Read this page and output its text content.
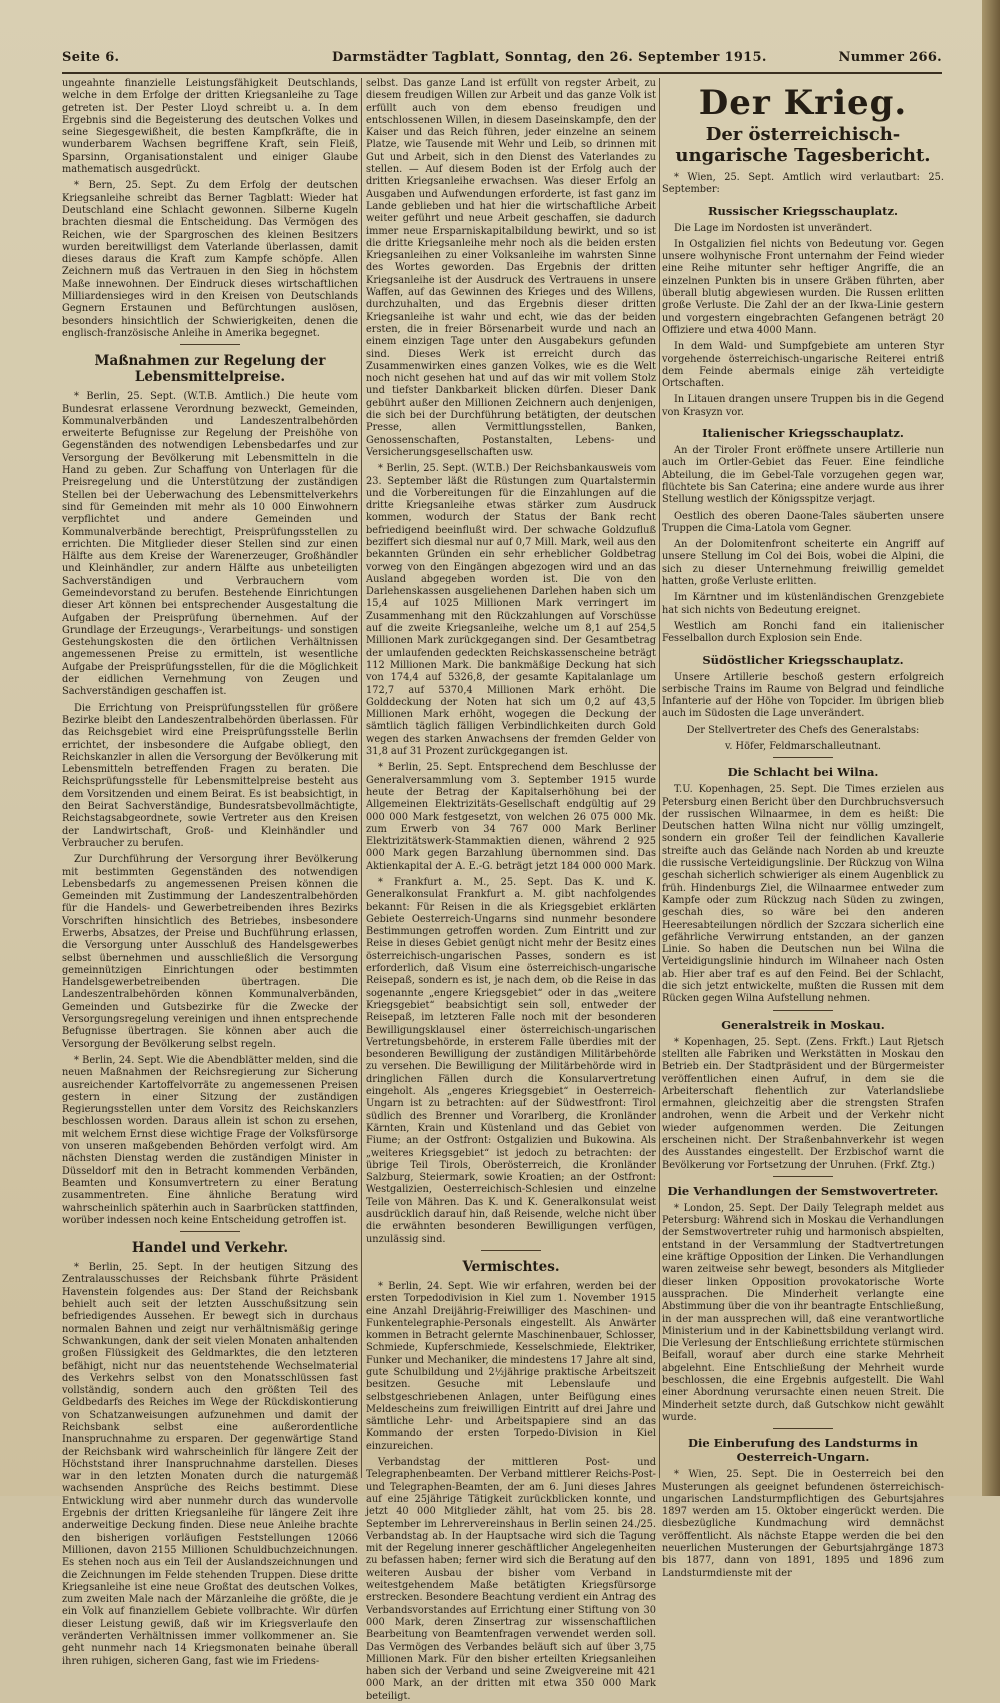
Seite 6.	Darmstädter Tagblatt, Sonntag, den 26. September 1915.	Nummer 266.

ungeahnte finanzielle Leistungsfähigkeit Deutschlands, welche in dem Erfolge der dritten Kriegsanleihe zu Tage getreten ist. Der Pester Lloyd schreibt u. a. In dem Ergebnis sind die Begeisterung des deutschen Volkes und seine Siegesgewißheit, die besten Kampfkräfte, die in wunderbarem Wachsen begriffene Kraft, sein Fleiß, Sparsinn, Organisationstalent und einiger Glaube mathematisch ausgedrückt.

* Bern, 25. Sept. Zu dem Erfolg der deutschen Kriegsanleihe schreibt das Berner Tagblatt: Wieder hat Deutschland eine Schlacht gewonnen. Silberne Kugeln brachten diesmal die Entscheidung. Das Vermögen des Reichen, wie der Spargroschen des kleinen Besitzers wurden bereitwilligst dem Vaterlande überlassen, damit dieses daraus die Kraft zum Kampfe schöpfe. Allen Zeichnern muß das Vertrauen in den Sieg in höchstem Maße innewohnen. Der Eindruck dieses wirtschaftlichen Milliardensieges wird in den Kreisen von Deutschlands Gegnern Erstaunen und Befürchtungen auslösen, besonders hinsichtlich der Schwierigkeiten, denen die englisch-französische Anleihe in Amerika begegnet.

Maßnahmen zur Regelung der Lebensmittelpreise.

* Berlin, 25. Sept. (W.T.B. Amtlich.) Die heute vom Bundesrat erlassene Verordnung bezweckt, Gemeinden, Kommunalverbänden und Landeszentralbehörden erweiterte Befugnisse zur Regelung der Preishöhe von Gegenständen des notwendigen Lebensbedarfes und zur Versorgung der Bevölkerung mit Lebensmitteln in die Hand zu geben. Zur Schaffung von Unterlagen für die Preisregelung und die Unterstützung der zuständigen Stellen bei der Ueberwachung des Lebensmittelverkehrs sind für Gemeinden mit mehr als 10 000 Einwohnern verpflichtet und andere Gemeinden und Kommunalverbände berechtigt, Preisprüfungsstellen zu errichten. Die Mitglieder dieser Stellen sind zur einen Hälfte aus dem Kreise der Warenerzeuger, Großhändler und Kleinhändler, zur andern Hälfte aus unbeteiligten Sachverständigen und Verbrauchern vom Gemeindevorstand zu berufen. Bestehende Einrichtungen dieser Art können bei entsprechender Ausgestaltung die Aufgaben der Preisprüfung übernehmen. Auf der Grundlage der Erzeugungs-, Verarbeitungs- und sonstigen Gestehungskosten die den örtlichen Verhältnissen angemessenen Preise zu ermitteln, ist wesentliche Aufgabe der Preisprüfungsstellen, für die die Möglichkeit der eidlichen Vernehmung von Zeugen und Sachverständigen geschaffen ist.

Die Errichtung von Preisprüfungsstellen für größere Bezirke bleibt den Landeszentralbehörden überlassen. Für das Reichsgebiet wird eine Preisprüfungsstelle Berlin errichtet, der insbesondere die Aufgabe obliegt, den Reichskanzler in allen die Versorgung der Bevölkerung mit Lebensmitteln betreffenden Fragen zu beraten. Die Reichsprüfungsstelle für Lebensmittelpreise besteht aus dem Vorsitzenden und einem Beirat. Es ist beabsichtigt, in den Beirat Sachverständige, Bundesratsbevollmächtigte, Reichstagsabgeordnete, sowie Vertreter aus den Kreisen der Landwirtschaft, Groß- und Kleinhändler und Verbraucher zu berufen.

Zur Durchführung der Versorgung ihrer Bevölkerung mit bestimmten Gegenständen des notwendigen Lebensbedarfs zu angemessenen Preisen können die Gemeinden mit Zustimmung der Landeszentralbehörden für die Handels- und Gewerbetreibenden ihres Bezirks Vorschriften hinsichtlich des Betriebes, insbesondere Erwerbs, Absatzes, der Preise und Buchführung erlassen, die Versorgung unter Ausschluß des Handelsgewerbes selbst übernehmen und ausschließlich die Versorgung gemeinnützigen Einrichtungen oder bestimmten Handelsgewerbetreibenden übertragen. Die Landeszentralbehörden können Kommunalverbänden, Gemeinden und Gutsbezirke für die Zwecke der Versorgungsregelung vereinigen und ihnen entsprechende Befugnisse übertragen. Sie können aber auch die Versorgung der Bevölkerung selbst regeln.

* Berlin, 24. Sept. Wie die Abendblätter melden, sind die neuen Maßnahmen der Reichsregierung zur Sicherung ausreichender Kartoffelvorräte zu angemessenen Preisen gestern in einer Sitzung der zuständigen Regierungsstellen unter dem Vorsitz des Reichskanzlers beschlossen worden. Daraus allein ist schon zu ersehen, mit welchem Ernst diese wichtige Frage der Volksfürsorge von unseren maßgebenden Behörden verfolgt wird. Am nächsten Dienstag werden die zuständigen Minister in Düsseldorf mit den in Betracht kommenden Verbänden, Beamten und Konsumvertretern zu einer Beratung zusammentreten. Eine ähnliche Beratung wird wahrscheinlich späterhin auch in Saarbrücken stattfinden, worüber indessen noch keine Entscheidung getroffen ist.

Handel und Verkehr.

* Berlin, 25. Sept. In der heutigen Sitzung des Zentralausschusses der Reichsbank führte Präsident Havenstein folgendes aus: Der Stand der Reichsbank behielt auch seit der letzten Ausschußsitzung sein befriedigendes Aussehen. Er bewegt sich in durchaus normalen Bahnen und zeigt nur verhältnismäßig geringe Schwankungen, dank der seit vielen Monaten anhaltenden großen Flüssigkeit des Geldmarktes, die den letzteren befähigt, nicht nur das neuentstehende Wechselmaterial des Verkehrs selbst von den Monatsschlüssen fast vollständig, sondern auch den größten Teil des Geldbedarfs des Reiches im Wege der Rückdiskontierung von Schatzanweisungen aufzunehmen und damit der Reichsbank selbst eine außerordentliche Inanspruchnahme zu ersparen. Der gegenwärtige Stand der Reichsbank wird wahrscheinlich für längere Zeit der Höchststand ihrer Inanspruchnahme darstellen. Dieses war in den letzten Monaten durch die naturgemäß wachsenden Ansprüche des Reichs bestimmt. Diese Entwicklung wird aber nunmehr durch das wundervolle Ergebnis der dritten Kriegsanleihe für längere Zeit ihre anderweitige Deckung finden. Diese neue Anleihe brachte den bisherigen vorläufigen Feststellungen 12066 Millionen, davon 2155 Millionen Schuldbuchzeichnungen. Es stehen noch aus ein Teil der Auslandszeichnungen und die Zeichnungen im Felde stehenden Truppen. Diese dritte Kriegsanleihe ist eine neue Großtat des deutschen Volkes, zum zweiten Male nach der Märzanleihe die größte, die je ein Volk auf finanziellem Gebiete vollbrachte. Wir dürfen dieser Leistung gewiß, daß wir im Kriegsverlaufe den veränderten Verhältnissen immer vollkommener an. Sie geht nunmehr nach 14 Kriegsmonaten beinahe überall ihren ruhigen, sicheren Gang, fast wie im Friedens-

selbst. Das ganze Land ist erfüllt von regster Arbeit, zu diesem freudigen Willen zur Arbeit und das ganze Volk ist erfüllt auch von dem ebenso freudigen und entschlossenen Willen, in diesem Daseinskampfe, den der Kaiser und das Reich führen, jeder einzelne an seinem Platze, wie Tausende mit Wehr und Leib, so drinnen mit Gut und Arbeit, sich in den Dienst des Vaterlandes zu stellen. — Auf diesem Boden ist der Erfolg auch der dritten Kriegsanleihe erwachsen. Was dieser Erfolg an Ausgaben und Aufwendungen erforderte, ist fast ganz im Lande geblieben und hat hier die wirtschaftliche Arbeit weiter geführt und neue Arbeit geschaffen, sie dadurch immer neue Ersparniskapitalbildung bewirkt, und so ist die dritte Kriegsanleihe mehr noch als die beiden ersten Kriegsanleihen zu einer Volksanleihe im wahrsten Sinne des Wortes geworden. Das Ergebnis der dritten Kriegsanleihe ist der Ausdruck des Vertrauens in unsere Waffen, auf das Gewinnen des Krieges und des Willens, durchzuhalten, und das Ergebnis dieser dritten Kriegsanleihe ist wahr und echt, wie das der beiden ersten, die in freier Börsenarbeit wurde und nach an einem einzigen Tage unter den Ausgabekurs gefunden sind. Dieses Werk ist erreicht durch das Zusammenwirken eines ganzen Volkes, wie es die Welt noch nicht gesehen hat und auf das wir mit vollem Stolz und tiefster Dankbarkeit blicken dürfen. Dieser Dank gebührt außer den Millionen Zeichnern auch denjenigen, die sich bei der Durchführung betätigten, der deutschen Presse, allen Vermittlungsstellen, Banken, Genossenschaften, Postanstalten, Lebens- und Versicherungsgesellschaften usw.

* Berlin, 25. Sept. (W.T.B.) Der Reichsbankausweis vom 23. September läßt die Rüstungen zum Quartalstermin und die Vorbereitungen für die Einzahlungen auf die dritte Kriegsanleihe etwas stärker zum Ausdruck kommen, wodurch der Status der Bank recht befriedigend beeinflußt wird. Der schwache Goldzufluß beziffert sich diesmal nur auf 0,7 Mill. Mark, weil aus den bekannten Gründen ein sehr erheblicher Goldbetrag vorweg von den Eingängen abgezogen wird und an das Ausland abgegeben worden ist. Die von den Darlehenskassen ausgeliehenen Darlehen haben sich um 15,4 auf 1025 Millionen Mark verringert im Zusammenhang mit den Rückzahlungen auf Vorschüsse auf die zweite Kriegsanleihe, welche um 8,1 auf 254,5 Millionen Mark zurückgegangen sind. Der Gesamtbetrag der umlaufenden gedeckten Reichskassenscheine beträgt 112 Millionen Mark. Die bankmäßige Deckung hat sich von 174,4 auf 5326,8, der gesamte Kapitalanlage um 172,7 auf 5370,4 Millionen Mark erhöht. Die Golddeckung der Noten hat sich um 0,2 auf 43,5 Millionen Mark erhöht, wogegen die Deckung der sämtlich täglich fälligen Verbindlichkeiten durch Gold wegen des starken Anwachsens der fremden Gelder von 31,8 auf 31 Prozent zurückgegangen ist.

* Berlin, 25. Sept. Entsprechend dem Beschlusse der Generalversammlung vom 3. September 1915 wurde heute der Betrag der Kapitalserhöhung bei der Allgemeinen Elektrizitäts-Gesellschaft endgültig auf 29 000 000 Mark festgesetzt, von welchen 26 075 000 Mk. zum Erwerb von 34 767 000 Mark Berliner Elektrizitätswerk-Stammaktien dienen, während 2 925 000 Mark gegen Barzahlung übernommen sind. Das Aktienkapital der A. E.-G. beträgt jetzt 184 000 000 Mark.

* Frankfurt a. M., 25. Sept. Das K. und K. Generalkonsulat Frankfurt a. M. gibt nachfolgendes bekannt: Für Reisen in die als Kriegsgebiet erklärten Gebiete Oesterreich-Ungarns sind nunmehr besondere Bestimmungen getroffen worden. Zum Eintritt und zur Reise in dieses Gebiet genügt nicht mehr der Besitz eines österreichisch-ungarischen Passes, sondern es ist erforderlich, daß Visum eine österreichisch-ungarische Reisepaß, sondern es ist, je nach dem, ob die Reise in das sogenannte „engere Kriegsgebiet“ oder in das „weitere Kriegsgebiet“ beabsichtigt sein soll, entweder der Reisepaß, im letzteren Falle noch mit der besonderen Bewilligungsklausel einer österreichisch-ungarischen Vertretungsbehörde, in ersterem Falle überdies mit der besonderen Bewilligung der zuständigen Militärbehörde zu versehen. Die Bewilligung der Militärbehörde wird in dringlichen Fällen durch die Konsularvertretung eingeholt. Als „engeres Kriegsgebiet“ in Oesterreich-Ungarn ist zu betrachten: auf der Südwestfront: Tirol südlich des Brenner und Vorarlberg, die Kronländer Kärnten, Krain und Küstenland und das Gebiet von Fiume; an der Ostfront: Ostgalizien und Bukowina. Als „weiteres Kriegsgebiet“ ist jedoch zu betrachten: der übrige Teil Tirols, Oberösterreich, die Kronländer Salzburg, Steiermark, sowie Kroatien; an der Ostfront: Westgalizien, Oesterreichisch-Schlesien und einzelne Teile von Mähren. Das K. und K. Generalkonsulat weist ausdrücklich darauf hin, daß Reisende, welche nicht über die erwähnten besonderen Bewilligungen verfügen, unzulässig sind.

Vermischtes.

* Berlin, 24. Sept. Wie wir erfahren, werden bei der ersten Torpedodivision in Kiel zum 1. November 1915 eine Anzahl Dreijährig-Freiwilliger des Maschinen- und Funkentelegraphie-Personals eingestellt. Als Anwärter kommen in Betracht gelernte Maschinenbauer, Schlosser, Schmiede, Kupferschmiede, Kesselschmiede, Elektriker, Funker und Mechaniker, die mindestens 17 Jahre alt sind, gute Schulbildung und 2½jährige praktische Arbeitszeit besitzen. Gesuche mit Lebenslaufe und selbstgeschriebenen Anlagen, unter Beifügung eines Meldescheins zum freiwilligen Eintritt auf drei Jahre und sämtliche Lehr- und Arbeitspapiere sind an das Kommando der ersten Torpedo-Division in Kiel einzureichen.

Verbandstag der mittleren Post- und Telegraphenbeamten. Der Verband mittlerer Reichs-Post- und Telegraphen-Beamten, der am 6. Juni dieses Jahres auf eine 25jährige Tätigkeit zurückblicken konnte, und jetzt 40 000 Mitglieder zählt, hat vom 25. bis 28. September im Lehrervereinshaus in Berlin seinen 24./25. Verbandstag ab. In der Hauptsache wird sich die Tagung mit der Regelung innerer geschäftlicher Angelegenheiten zu befassen haben; ferner wird sich die Beratung auf den weiteren Ausbau der bisher vom Verband in weitestgehendem Maße betätigten Kriegsfürsorge erstrecken. Besondere Beachtung verdient ein Antrag des Verbandsvorstandes auf Errichtung einer Stiftung von 30 000 Mark, deren Zinsertrag zur wissenschaftlichen Bearbeitung von Beamtenfragen verwendet werden soll. Das Vermögen des Verbandes beläuft sich auf über 3,75 Millionen Mark. Für den bisher erteilten Kriegsanleihen haben sich der Verband und seine Zweigvereine mit 421 000 Mark, an der dritten mit etwa 350 000 Mark beteiligt.

Der Krieg.
Der österreichisch-ungarische Tagesbericht.

* Wien, 25. Sept. Amtlich wird verlautbart: 25. September:

Russischer Kriegsschauplatz.

Die Lage im Nordosten ist unverändert.

In Ostgalizien fiel nichts von Bedeutung vor. Gegen unsere wolhynische Front unternahm der Feind wieder eine Reihe mitunter sehr heftiger Angriffe, die an einzelnen Punkten bis in unsere Gräben führten, aber überall blutig abgewiesen wurden. Die Russen erlitten große Verluste. Die Zahl der an der Ikwa-Linie gestern und vorgestern eingebrachten Gefangenen beträgt 20 Offiziere und etwa 4000 Mann.

In dem Wald- und Sumpfgebiete am unteren Styr vorgehende österreichisch-ungarische Reiterei entriß dem Feinde abermals einige zäh verteidigte Ortschaften.

In Litauen drangen unsere Truppen bis in die Gegend von Krasyzn vor.

Italienischer Kriegsschauplatz.

An der Tiroler Front eröffnete unsere Artillerie nun auch im Ortler-Gebiet das Feuer. Eine feindliche Abteilung, die im Gebel-Tale vorzugehen gegen war, flüchtete bis San Caterina; eine andere wurde aus ihrer Stellung westlich der Königsspitze verjagt.

Oestlich des oberen Daone-Tales säuberten unsere Truppen die Cima-Latola vom Gegner.

An der Dolomitenfront scheiterte ein Angriff auf unsere Stellung im Col dei Bois, wobei die Alpini, die sich zu dieser Unternehmung freiwillig gemeldet hatten, große Verluste erlitten.

Im Kärntner und im küstenländischen Grenzgebiete hat sich nichts von Bedeutung ereignet.

Westlich am Ronchi fand ein italienischer Fesselballon durch Explosion sein Ende.

Südöstlicher Kriegsschauplatz.

Unsere Artillerie beschoß gestern erfolgreich serbische Trains im Raume von Belgrad und feindliche Infanterie auf der Höhe von Topcider. Im übrigen blieb auch im Südosten die Lage unverändert.

Der Stellvertreter des Chefs des Generalstabs:
v. Höfer, Feldmarschalleutnant.
Die Schlacht bei Wilna.

T.U. Kopenhagen, 25. Sept. Die Times erzielen aus Petersburg einen Bericht über den Durchbruchsversuch der russischen Wilnaarmee, in dem es heißt: Die Deutschen hatten Wilna nicht nur völlig umzingelt, sondern ein großer Teil der feindlichen Kavallerie streifte auch das Gelände nach Norden ab und kreuzte die russische Verteidigungslinie. Der Rückzug von Wilna geschah sicherlich schwieriger als einem Augenblick zu früh. Hindenburgs Ziel, die Wilnaarmee entweder zum Kampfe oder zum Rückzug nach Süden zu zwingen, geschah dies, so wäre bei den anderen Heeresabteilungen nördlich der Szczara sicherlich eine gefährliche Verwirrung entstanden, an der ganzen Linie. So haben die Deutschen nun bei Wilna die Verteidigungslinie hindurch im Wilnaheer nach Osten ab. Hier aber traf es auf den Feind. Bei der Schlacht, die sich jetzt entwickelte, mußten die Russen mit dem Rücken gegen Wilna Aufstellung nehmen.

Generalstreik in Moskau.

* Kopenhagen, 25. Sept. (Zens. Frkft.) Laut Rjetsch stellten alle Fabriken und Werkstätten in Moskau den Betrieb ein. Der Stadtpräsident und der Bürgermeister veröffentlichen einen Aufruf, in dem sie die Arbeiterschaft flehentlich zur Vaterlandsliebe ermahnen, gleichzeitig aber die strengsten Strafen androhen, wenn die Arbeit und der Verkehr nicht wieder aufgenommen werden. Die Zeitungen erscheinen nicht. Der Straßenbahnverkehr ist wegen des Ausstandes eingestellt. Der Erzbischof warnt die Bevölkerung vor Fortsetzung der Unruhen. (Frkf. Ztg.)

Die Verhandlungen der Semstwovertreter.

* London, 25. Sept. Der Daily Telegraph meldet aus Petersburg: Während sich in Moskau die Verhandlungen der Semstwovertreter ruhig und harmonisch abspielten, entstand in der Versammlung der Stadtvertretungen eine kräftige Opposition der Linken. Die Verhandlungen waren zeitweise sehr bewegt, besonders als Mitglieder dieser linken Opposition provokatorische Worte aussprachen. Die Minderheit verlangte eine Abstimmung über die von ihr beantragte Entschließung, in der man aussprechen will, daß eine verantwortliche Ministerium und in der Kabinettsbildung verlangt wird. Die Verlesung der Entschließung errichtete stürmischen Beifall, worauf aber durch eine starke Mehrheit abgelehnt. Eine Entschließung der Mehrheit wurde beschlossen, die eine Ergebnis aufgestellt. Die Wahl einer Abordnung verursachte einen neuen Streit. Die Minderheit setzte durch, daß Gutschkow nicht gewählt wurde.

Die Einberufung des Landsturms in Oesterreich-Ungarn.

* Wien, 25. Sept. Die in Oesterreich bei den Musterungen als geeignet befundenen österreichisch-ungarischen Landsturmpflichtigen des Geburtsjahres 1897 werden am 15. Oktober eingerückt werden. Die diesbezügliche Kundmachung wird demnächst veröffentlicht. Als nächste Etappe werden die bei den neuerlichen Musterungen der Geburtsjahrgänge 1873 bis 1877, dann von 1891, 1895 und 1896 zum Landsturmdienste mit der
